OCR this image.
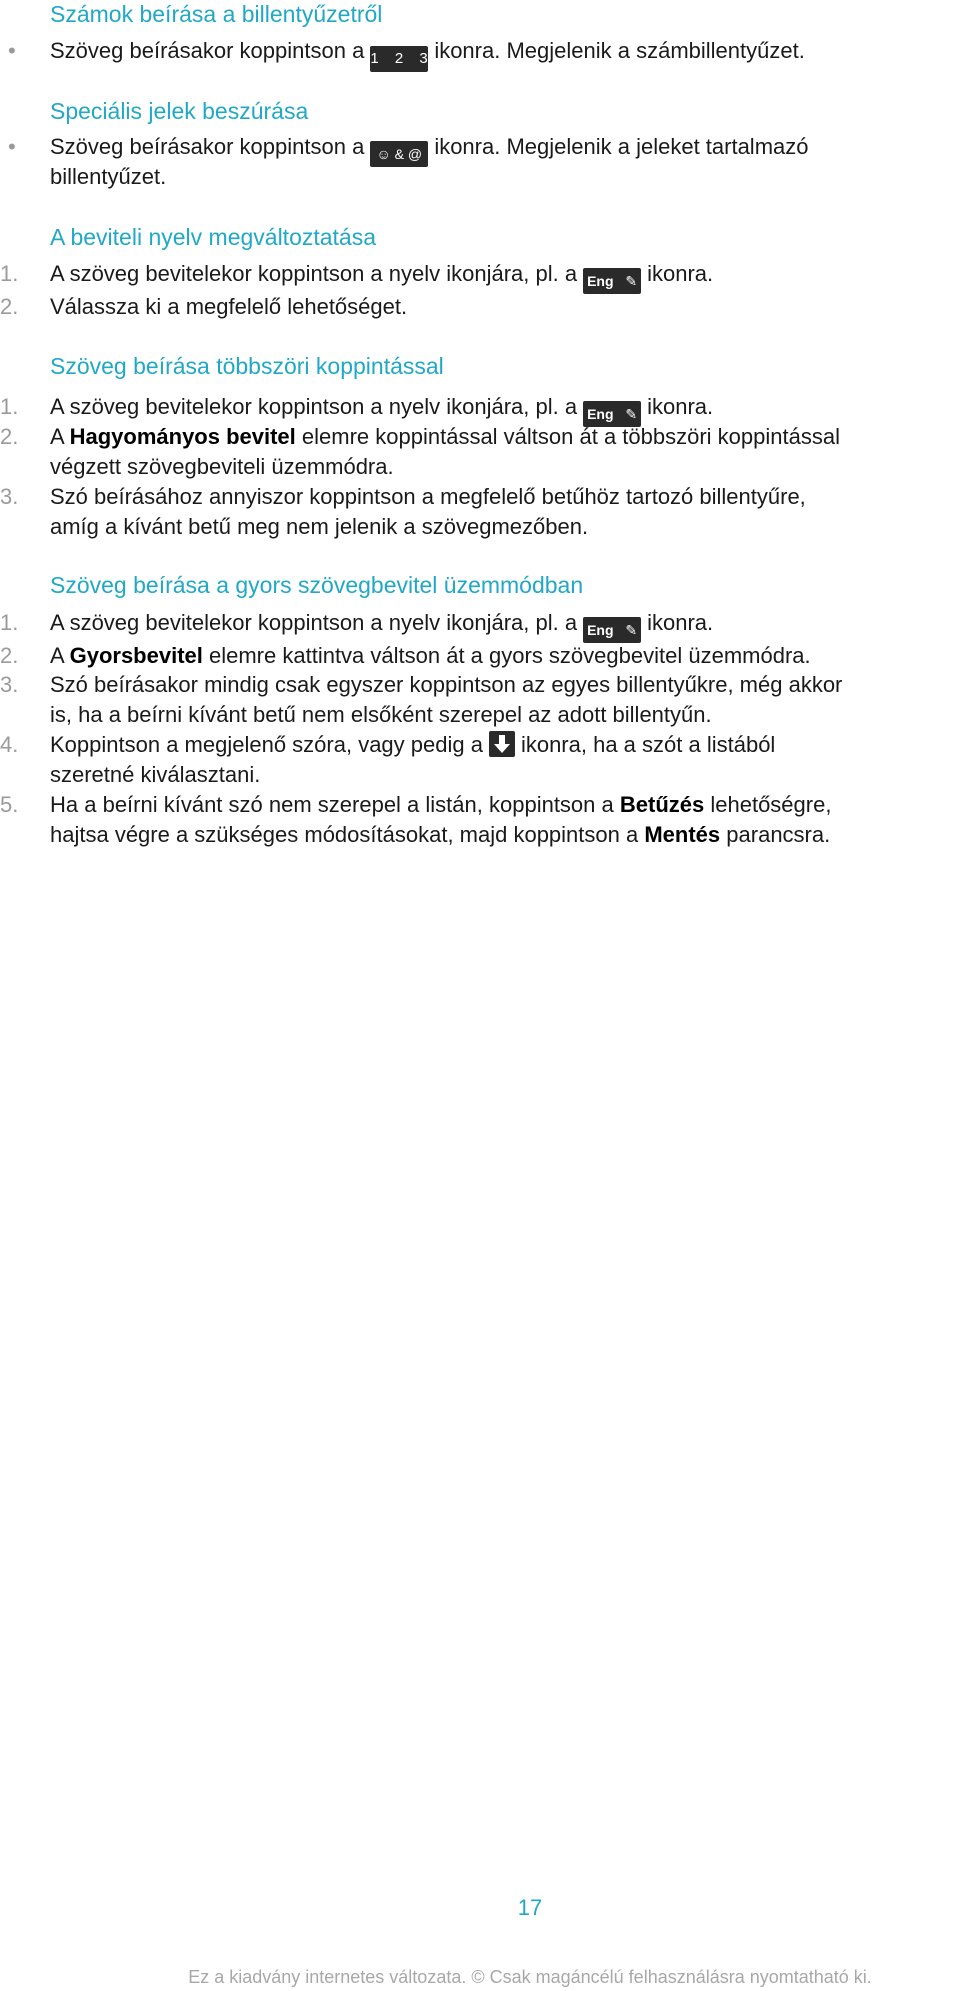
Számok beírása a billentyűzetről
•	Szöveg beírásakor koppintson a 1 2 3ikonra. Megjelenik a számbillentyűzet.
Speciális jelek beszúrása
•	Szöveg beírásakor koppintson a ☺ & @ ikonra. Megjelenik a jeleket tartalmazó
billentyűzet.
A beviteli nyelv megváltoztatása
1.	A szöveg bevitelekor koppintson a nyelv ikonjára, pl. a Eng ✎ ikonra.
2.	Válassza ki a megfelelő lehetőséget.
Szöveg beírása többszöri koppintással
1.	A szöveg bevitelekor koppintson a nyelv ikonjára, pl. a Eng ✎ ikonra.
2.	A Hagyományos bevitel elemre koppintással váltson át a többszöri koppintással
végzett szövegbeviteli üzemmódra.
3.	Szó beírásához annyiszor koppintson a megfelelő betűhöz tartozó billentyűre,
amíg a kívánt betű meg nem jelenik a szövegmezőben.
Szöveg beírása a gyors szövegbevitel üzemmódban
1.	A szöveg bevitelekor koppintson a nyelv ikonjára, pl. a Eng ✎ ikonra.
2.	A Gyorsbevitel elemre kattintva váltson át a gyors szövegbevitel üzemmódra.
3.	Szó beírásakor mindig csak egyszer koppintson az egyes billentyűkre, még akkor
is, ha a beírni kívánt betű nem elsőként szerepel az adott billentyűn.
4.	Koppintson a megjelenő szóra, vagy pedig a ikonra, ha a szót a listából
szeretné kiválasztani.
5.	Ha a beírni kívánt szó nem szerepel a listán, koppintson a Betűzés lehetőségre,
hajtsa végre a szükséges módosításokat, majd koppintson a Mentés parancsra.
17
Ez a kiadvány internetes változata. © Csak magáncélú felhasználásra nyomtatható ki.
